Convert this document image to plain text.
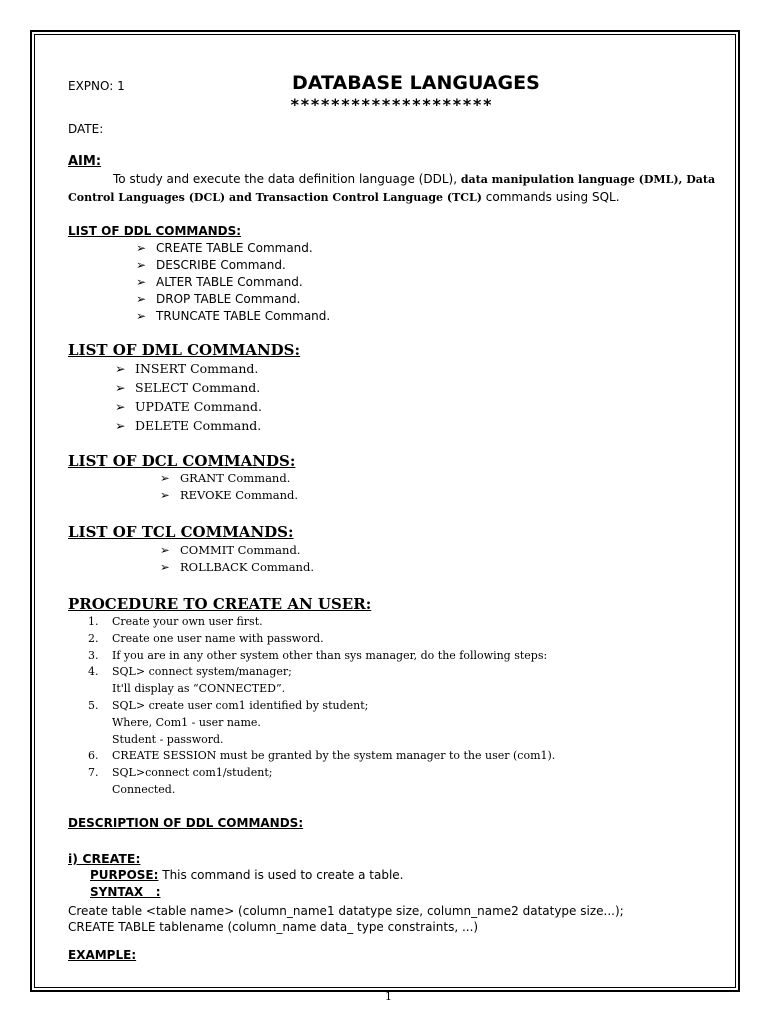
EXPNO: 1	DATABASE LANGUAGES
********************
DATE:
AIM:
To study and execute the data definition language (DDL), data manipulation language (DML), Data
Control Languages (DCL) and Transaction Control Language (TCL) commands using SQL.
LIST OF DDL COMMANDS:
➢ CREATE TABLE Command.
➢ DESCRIBE Command.
➢ ALTER TABLE Command.
➢ DROP TABLE Command.
➢ TRUNCATE TABLE Command.
LIST OF DML COMMANDS:
➢ INSERT Command.
➢ SELECT Command.
➢ UPDATE Command.
➢ DELETE Command.
LIST OF DCL COMMANDS:
➢ GRANT Command.
➢ REVOKE Command.
LIST OF TCL COMMANDS:
➢ COMMIT Command.
➢ ROLLBACK Command.
PROCEDURE TO CREATE AN USER:
1. Create your own user first.
2. Create one user name with password.
3. If you are in any other system other than sys manager, do the following steps:
4. SQL> connect system/manager;
It'll display as “CONNECTED”.
5. SQL> create user com1 identified by student;
Where, Com1 - user name.
Student - password.
6. CREATE SESSION must be granted by the system manager to the user (com1).
7. SQL>connect com1/student;
Connected.
DESCRIPTION OF DDL COMMANDS:
i) CREATE:
PURPOSE: This command is used to create a table.
SYNTAX   :
Create table <table name> (column_name1 datatype size, column_name2 datatype size...);
CREATE TABLE tablename (column_name data_ type constraints, ...)
EXAMPLE:
1
